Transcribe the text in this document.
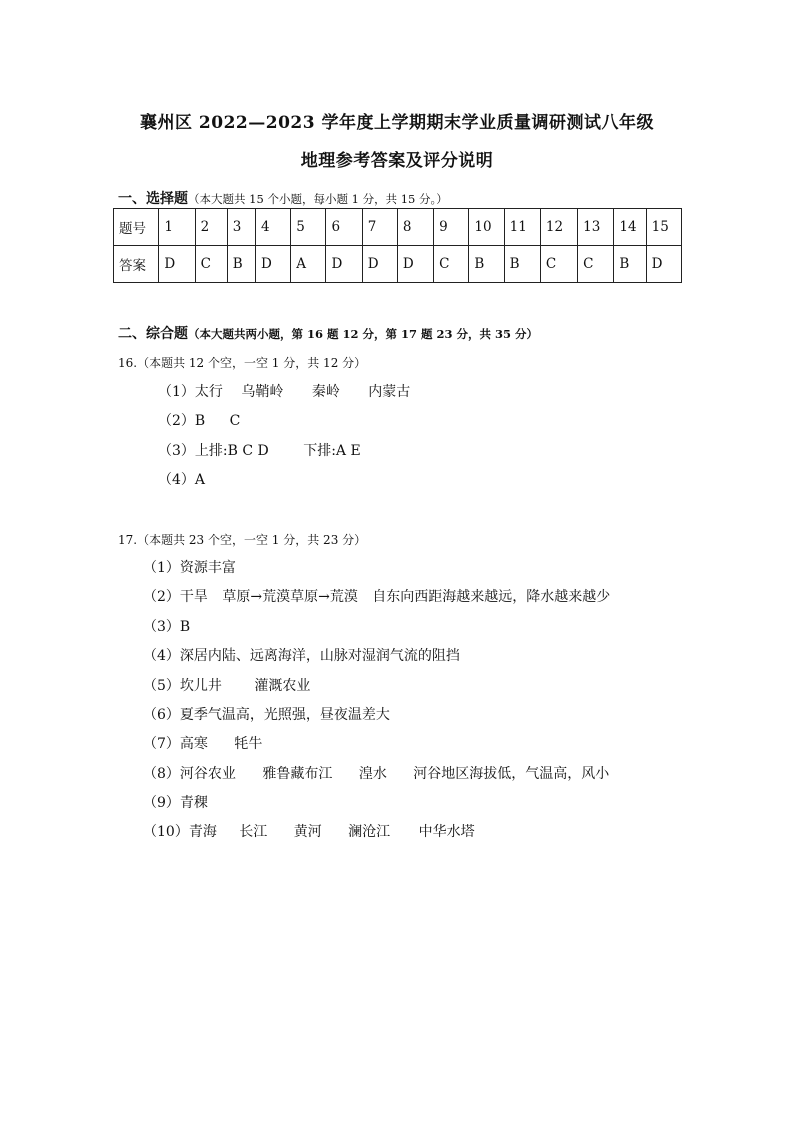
襄州区 2022—2023 学年度上学期期末学业质量调研测试八年级
地理参考答案及评分说明
一、选择题（本大题共 15 个小题，每小题 1 分，共 15 分。）
题号	1	2	3	4	5	6	7	8	9	10	11	12	13	14	15
答案	D	C	B	D	A	D	D	D	C	B	B	C	C	B	D
二、综合题（本大题共两小题，第 16 题 12 分，第 17 题 23 分，共 35 分）
16.（本题共 12 个空，一空 1 分，共 12 分）
（1）太行 乌鞘岭 秦岭 内蒙古
（2）B C
（3）上排:B C D 下排:A E
（4）A
17.（本题共 23 个空，一空 1 分，共 23 分）
（1）资源丰富
（2）干旱 草原→荒漠草原→荒漠 自东向西距海越来越远，降水越来越少
（3）B
（4）深居内陆、远离海洋，山脉对湿润气流的阻挡
（5）坎儿井 灌溉农业
（6）夏季气温高，光照强，昼夜温差大
（7）高寒 牦牛
（8）河谷农业 雅鲁藏布江 湟水 河谷地区海拔低，气温高，风小
（9）青稞
（10）青海 长江 黄河 澜沧江 中华水塔
